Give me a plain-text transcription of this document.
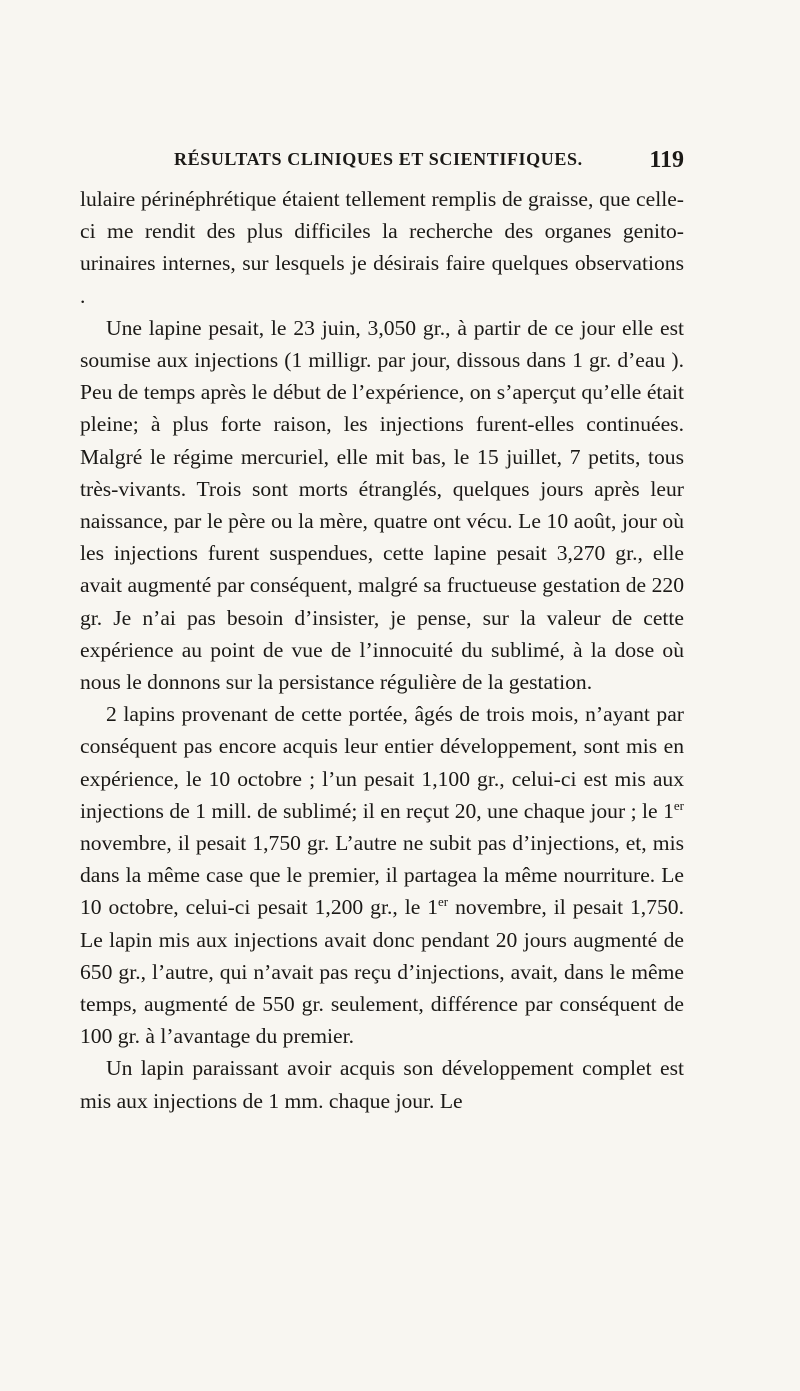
RÉSULTATS CLINIQUES ET SCIENTIFIQUES.	119

lulaire périnéphrétique étaient tellement remplis de graisse, que celle-ci me rendit des plus difficiles la recherche des organes genito-urinaires internes, sur lesquels je désirais faire quelques observations .

Une lapine pesait, le 23 juin, 3,050 gr., à partir de ce jour elle est soumise aux injections (1 milligr. par jour, dissous dans 1 gr. d’eau ). Peu de temps après le début de l’expérience, on s’aperçut qu’elle était pleine; à plus forte raison, les injections furent-elles continuées. Malgré le régime mercuriel, elle mit bas, le 15 juillet, 7 petits, tous très-vivants. Trois sont morts étranglés, quelques jours après leur naissance, par le père ou la mère, quatre ont vécu. Le 10 août, jour où les injections furent suspendues, cette lapine pesait 3,270 gr., elle avait augmenté par conséquent, malgré sa fructueuse gestation de 220 gr. Je n’ai pas besoin d’insister, je pense, sur la valeur de cette expérience au point de vue de l’innocuité du sublimé, à la dose où nous le donnons sur la persistance régulière de la gestation.

2 lapins provenant de cette portée, âgés de trois mois, n’ayant par conséquent pas encore acquis leur entier développement, sont mis en expérience, le 10 octobre ; l’un pesait 1,100 gr., celui-ci est mis aux injections de 1 mill. de sublimé; il en reçut 20, une chaque jour ; le 1er novembre, il pesait 1,750 gr. L’autre ne subit pas d’injections, et, mis dans la même case que le premier, il partagea la même nourriture. Le 10 octobre, celui-ci pesait 1,200 gr., le 1er novembre, il pesait 1,750. Le lapin mis aux injections avait donc pendant 20 jours augmenté de 650 gr., l’autre, qui n’avait pas reçu d’injections, avait, dans le même temps, augmenté de 550 gr. seulement, différence par conséquent de 100 gr. à l’avantage du premier.

Un lapin paraissant avoir acquis son développement complet est mis aux injections de 1 mm. chaque jour. Le
